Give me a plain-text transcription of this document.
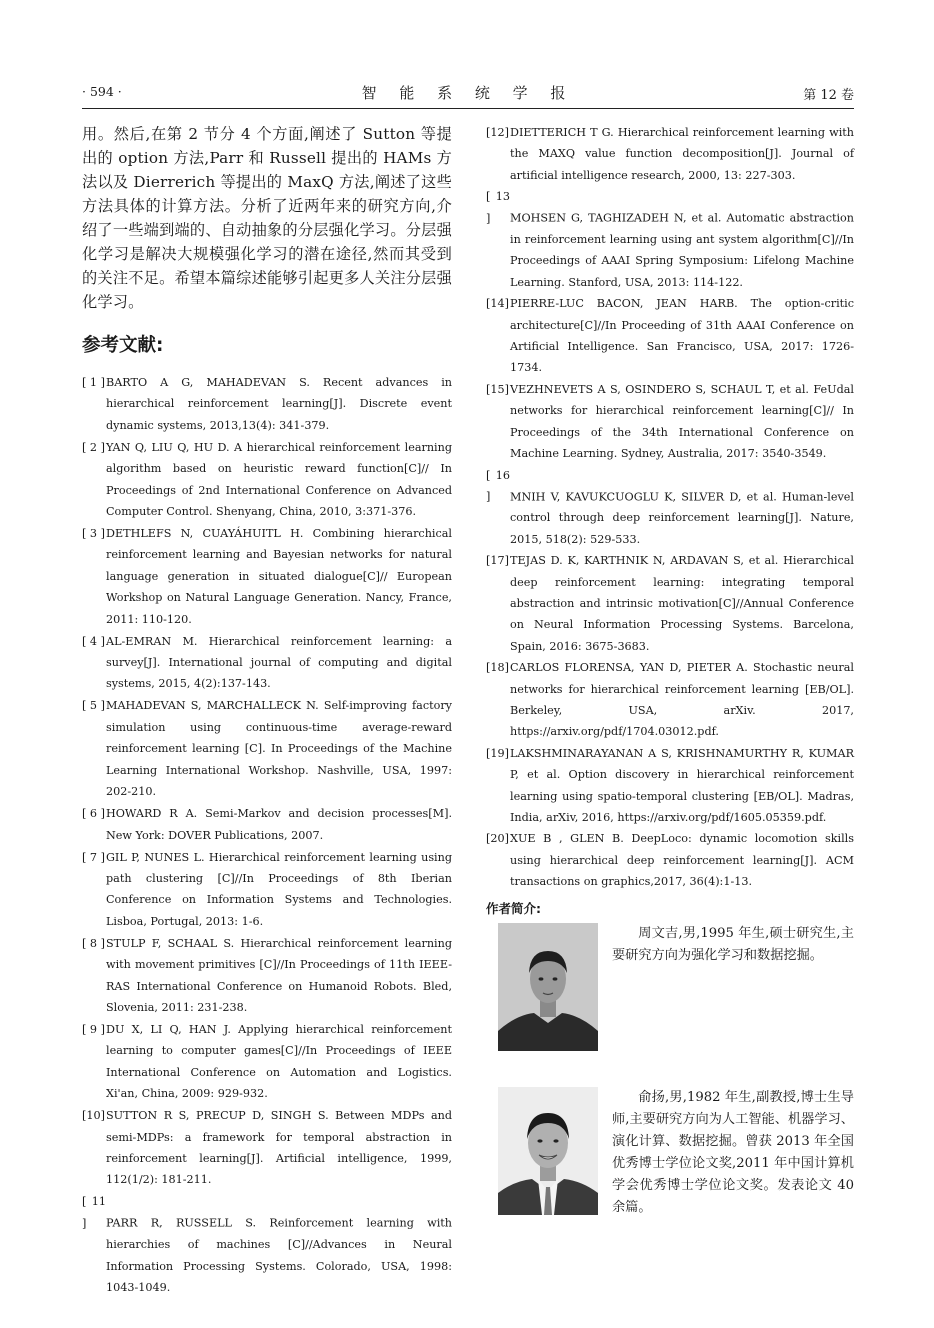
· 594 ·	智 能 系 统 学 报	第 12 卷

用。然后,在第 2 节分 4 个方面,阐述了 Sutton 等提出的 option 方法,Parr 和 Russell 提出的 HAMs 方法以及 Dierrerich 等提出的 MaxQ 方法,阐述了这些方法具体的计算方法。分析了近两年来的研究方向,介绍了一些端到端的、自动抽象的分层强化学习。分层强化学习是解决大规模强化学习的潜在途径,然而其受到的关注不足。希望本篇综述能够引起更多人关注分层强化学习。

参考文献:

[ 1 ]BARTO A G, MAHADEVAN S. Recent advances in hierarchical reinforcement learning[J]. Discrete event dynamic systems, 2013,13(4): 341-379.

[ 2 ]YAN Q, LIU Q, HU D. A hierarchical reinforcement learning algorithm based on heuristic reward function[C]// In Proceedings of 2nd International Conference on Advanced Computer Control. Shenyang, China, 2010, 3:371-376.

[ 3 ]DETHLEFS N, CUAYÁHUITL H. Combining hierarchical reinforcement learning and Bayesian networks for natural language generation in situated dialogue[C]// European Workshop on Natural Language Generation. Nancy, France, 2011: 110-120.

[ 4 ]AL-EMRAN M. Hierarchical reinforcement learning: a survey[J]. International journal of computing and digital systems, 2015, 4(2):137-143.

[ 5 ]MAHADEVAN S, MARCHALLECK N. Self-improving factory simulation using continuous-time average-reward reinforcement learning [C]. In Proceedings of the Machine Learning International Workshop. Nashville, USA, 1997: 202-210.

[ 6 ]HOWARD R A. Semi-Markov and decision processes[M]. New York: DOVER Publications, 2007.

[ 7 ]GIL P, NUNES L. Hierarchical reinforcement learning using path clustering [C]//In Proceedings of 8th Iberian Conference on Information Systems and Technologies. Lisboa, Portugal, 2013: 1-6.

[ 8 ]STULP F, SCHAAL S. Hierarchical reinforcement learning with movement primitives [C]//In Proceedings of 11th IEEE-RAS International Conference on Humanoid Robots. Bled, Slovenia, 2011: 231-238.

[ 9 ]DU X, LI Q, HAN J. Applying hierarchical reinforcement learning to computer games[C]//In Proceedings of IEEE International Conference on Automation and Logistics. Xi'an, China, 2009: 929-932.

[10]SUTTON R S, PRECUP D, SINGH S. Between MDPs and semi-MDPs: a framework for temporal abstraction in reinforcement learning[J]. Artificial intelligence, 1999, 112(1/2): 181-211.

[ 11 ] PARR R, RUSSELL S. Reinforcement learning with hierarchies of machines [C]//Advances in Neural Information Processing Systems. Colorado, USA, 1998: 1043-1049.

[12]DIETTERICH T G. Hierarchical reinforcement learning with the MAXQ value function decomposition[J]. Journal of artificial intelligence research, 2000, 13: 227-303.

[ 13 ] MOHSEN G, TAGHIZADEH N, et al. Automatic abstraction in reinforcement learning using ant system algorithm[C]//In Proceedings of AAAI Spring Symposium: Lifelong Machine Learning. Stanford, USA, 2013: 114-122.

[14]PIERRE-LUC BACON, JEAN HARB. The option-critic architecture[C]//In Proceeding of 31th AAAI Conference on Artificial Intelligence. San Francisco, USA, 2017: 1726-1734.

[15]VEZHNEVETS A S, OSINDERO S, SCHAUL T, et al. FeUdal networks for hierarchical reinforcement learning[C]// In Proceedings of the 34th International Conference on Machine Learning. Sydney, Australia, 2017: 3540-3549.

[ 16 ] MNIH V, KAVUKCUOGLU K, SILVER D, et al. Human-level control through deep reinforcement learning[J]. Nature, 2015, 518(2): 529-533.

[17]TEJAS D. K, KARTHNIK N, ARDAVAN S, et al. Hierarchical deep reinforcement learning: integrating temporal abstraction and intrinsic motivation[C]//Annual Conference on Neural Information Processing Systems. Barcelona, Spain, 2016: 3675-3683.

[18]CARLOS FLORENSA, YAN D, PIETER A. Stochastic neural networks for hierarchical reinforcement learning [EB/OL]. Berkeley, USA, arXiv. 2017, https://arxiv.org/pdf/1704.03012.pdf.

[19]LAKSHMINARAYANAN A S, KRISHNAMURTHY R, KUMAR P, et al. Option discovery in hierarchical reinforcement learning using spatio-temporal clustering [EB/OL]. Madras, India, arXiv, 2016, https://arxiv.org/pdf/1605.05359.pdf.

[20]XUE B , GLEN B. DeepLoco: dynamic locomotion skills using hierarchical deep reinforcement learning[J]. ACM transactions on graphics,2017, 36(4):1-13.

作者简介:
周文吉,男,1995 年生,硕士研究生,主要研究方向为强化学习和数据挖掘。
俞扬,男,1982 年生,副教授,博士生导师,主要研究方向为人工智能、机器学习、演化计算、数据挖掘。曾获 2013 年全国优秀博士学位论文奖,2011 年中国计算机学会优秀博士学位论文奖。发表论文 40 余篇。
